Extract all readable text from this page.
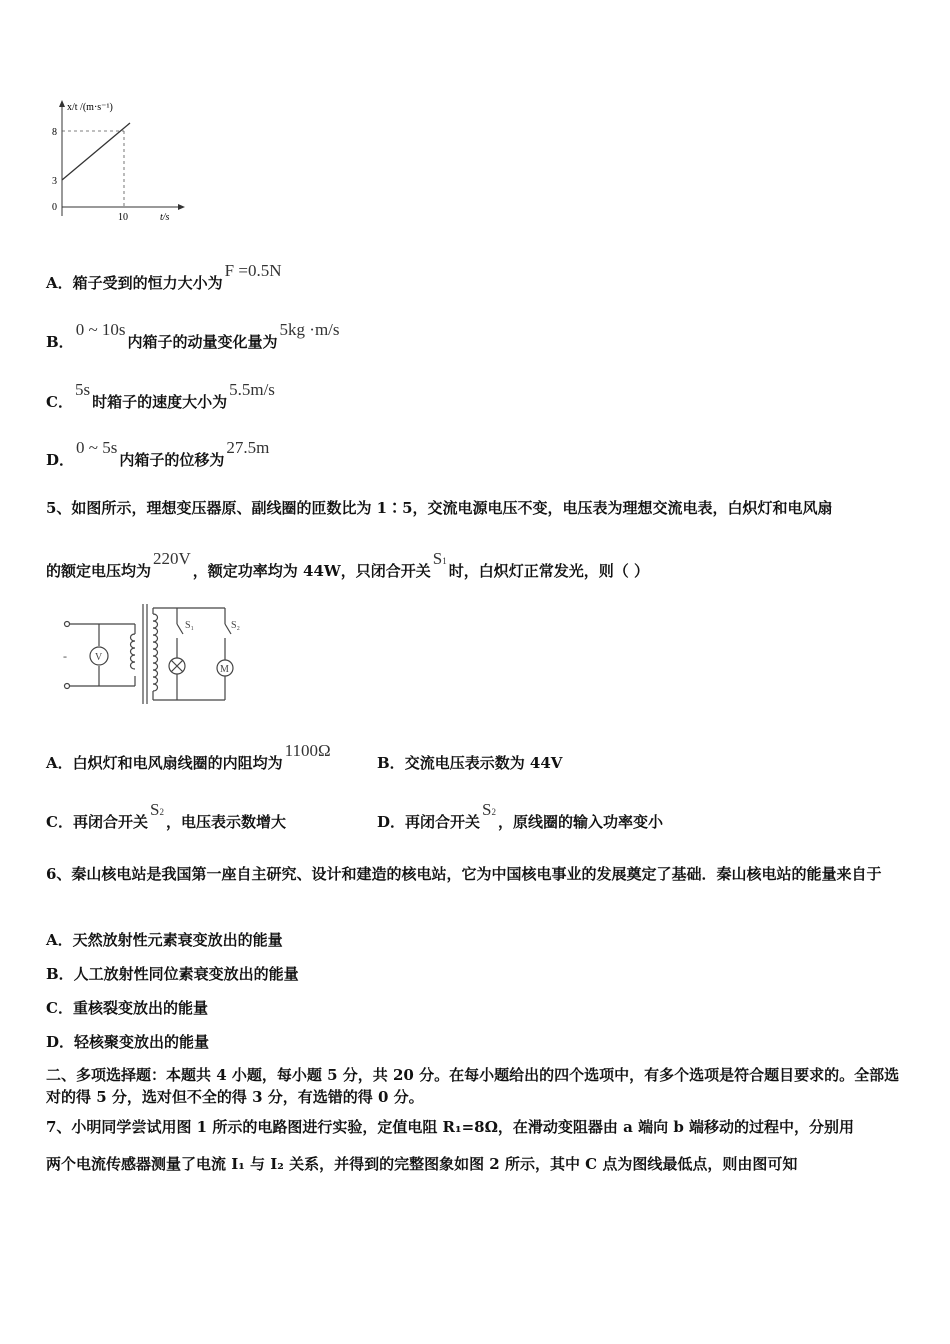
x/t /(m·s⁻¹)
8
3
0
10	t/s
A．箱子受到的恒力大小为F =0.5N
B．0 ~ 10s内箱子的动量变化量为5kg ·m/s
C．5s时箱子的速度大小为5.5m/s
D．0 ~ 5s内箱子的位移为27.5m
5、如图所示，理想变压器原、副线圈的匝数比为 1∶5，交流电源电压不变，电压表为理想交流电表，白炽灯和电风扇
的额定电压均为220V，额定功率均为 44W，只闭合开关S1时，白炽灯正常发光，则（ ）
-	V
M
S₁	S₂
A．白炽灯和电风扇线圈的内阻均为1100Ω
B．交流电压表示数为 44V
C．再闭合开关S2，电压表示数增大	D．再闭合开关S2，原线圈的输入功率变小
6、秦山核电站是我国第一座自主研究、设计和建造的核电站，它为中国核电事业的发展奠定了基础．秦山核电站的能量来自于
A．天然放射性元素衰变放出的能量
B．人工放射性同位素衰变放出的能量
C．重核裂变放出的能量
D．轻核聚变放出的能量
二、多项选择题：本题共 4 小题，每小题 5 分，共 20 分。在每小题给出的四个选项中，有多个选项是符合题目要求的。全部选对的得 5 分，选对但不全的得 3 分，有选错的得 0 分。
7、小明同学尝试用图 1 所示的电路图进行实验，定值电阻 R₁=8Ω，在滑动变阻器由 a 端向 b 端移动的过程中，分别用
两个电流传感器测量了电流 I₁ 与 I₂ 关系，并得到的完整图象如图 2 所示，其中 C 点为图线最低点，则由图可知
